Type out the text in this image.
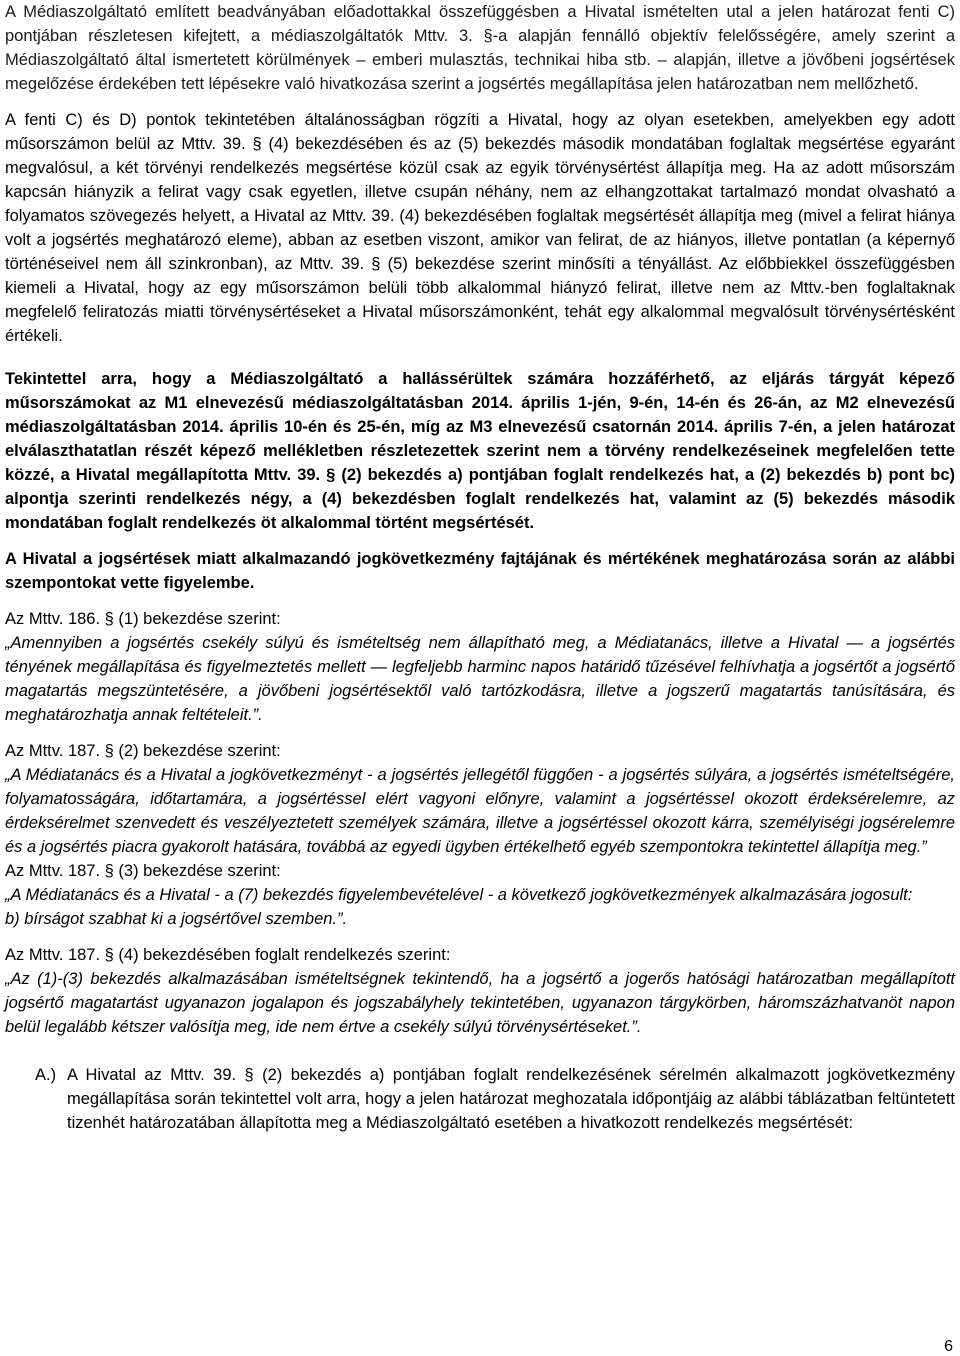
A Médiaszolgáltató említett beadványában előadottakkal összefüggésben a Hivatal ismételten utal a jelen határozat fenti C) pontjában részletesen kifejtett, a médiaszolgáltatók Mttv. 3. §-a alapján fennálló objektív felelősségére, amely szerint a Médiaszolgáltató által ismertetett körülmények – emberi mulasztás, technikai hiba stb. – alapján, illetve a jövőbeni jogsértések megelőzése érdekében tett lépésekre való hivatkozása szerint a jogsértés megállapítása jelen határozatban nem mellőzhető.

A fenti C) és D) pontok tekintetében általánosságban rögzíti a Hivatal, hogy az olyan esetekben, amelyekben egy adott műsorszámon belül az Mttv. 39. § (4) bekezdésében és az (5) bekezdés második mondatában foglaltak megsértése egyaránt megvalósul, a két törvényi rendelkezés megsértése közül csak az egyik törvénysértést állapítja meg. Ha az adott műsorszám kapcsán hiányzik a felirat vagy csak egyetlen, illetve csupán néhány, nem az elhangzottakat tartalmazó mondat olvasható a folyamatos szövegezés helyett, a Hivatal az Mttv. 39. (4) bekezdésében foglaltak megsértését állapítja meg (mivel a felirat hiánya volt a jogsértés meghatározó eleme), abban az esetben viszont, amikor van felirat, de az hiányos, illetve pontatlan (a képernyő történéseivel nem áll szinkronban), az Mttv. 39. § (5) bekezdése szerint minősíti a tényállást. Az előbbiekkel összefüggésben kiemeli a Hivatal, hogy az egy műsorszámon belüli több alkalommal hiányzó felirat, illetve nem az Mttv.-ben foglaltaknak megfelelő feliratozás miatti törvénysértéseket a Hivatal műsorszámonként, tehát egy alkalommal megvalósult törvénysértésként értékeli.

Tekintettel arra, hogy a Médiaszolgáltató a hallássérültek számára hozzáférhető, az eljárás tárgyát képező műsorszámokat az M1 elnevezésű médiaszolgáltatásban 2014. április 1-jén, 9-én, 14-én és 26-án, az M2 elnevezésű médiaszolgáltatásban 2014. április 10-én és 25-én, míg az M3 elnevezésű csatornán 2014. április 7-én, a jelen határozat elválaszthatatlan részét képező mellékletben részletezettek szerint nem a törvény rendelkezéseinek megfelelően tette közzé, a Hivatal megállapította Mttv. 39. § (2) bekezdés a) pontjában foglalt rendelkezés hat, a (2) bekezdés b) pont bc) alpontja szerinti rendelkezés négy, a (4) bekezdésben foglalt rendelkezés hat, valamint az (5) bekezdés második mondatában foglalt rendelkezés öt alkalommal történt megsértését.

A Hivatal a jogsértések miatt alkalmazandó jogkövetkezmény fajtájának és mértékének meghatározása során az alábbi szempontokat vette figyelembe.

Az Mttv. 186. § (1) bekezdése szerint:

„Amennyiben a jogsértés csekély súlyú és ismételtség nem állapítható meg, a Médiatanács, illetve a Hivatal — a jogsértés tényének megállapítása és figyelmeztetés mellett — legfeljebb harminc napos határidő tűzésével felhívhatja a jogsértőt a jogsértő magatartás megszüntetésére, a jövőbeni jogsértésektől való tartózkodásra, illetve a jogszerű magatartás tanúsítására, és meghatározhatja annak feltételeit.”.

Az Mttv. 187. § (2) bekezdése szerint:

„A Médiatanács és a Hivatal a jogkövetkezményt - a jogsértés jellegétől függően - a jogsértés súlyára, a jogsértés ismételtségére, folyamatosságára, időtartamára, a jogsértéssel elért vagyoni előnyre, valamint a jogsértéssel okozott érdeksérelemre, az érdeksérelmet szenvedett és veszélyeztetett személyek számára, illetve a jogsértéssel okozott kárra, személyiségi jogsérelemre és a jogsértés piacra gyakorolt hatására, továbbá az egyedi ügyben értékelhető egyéb szempontokra tekintettel állapítja meg.”

Az Mttv. 187. § (3) bekezdése szerint:

„A Médiatanács és a Hivatal - a (7) bekezdés figyelembevételével - a következő jogkövetkezmények alkalmazására jogosult:

b) bírságot szabhat ki a jogsértővel szemben.”.

Az Mttv. 187. § (4) bekezdésében foglalt rendelkezés szerint:

„Az (1)-(3) bekezdés alkalmazásában ismételtségnek tekintendő, ha a jogsértő a jogerős hatósági határozatban megállapított jogsértő magatartást ugyanazon jogalapon és jogszabályhely tekintetében, ugyanazon tárgykörben, háromszázhatvanöt napon belül legalább kétszer valósítja meg, ide nem értve a csekély súlyú törvénysértéseket.”.

A.) A Hivatal az Mttv. 39. § (2) bekezdés a) pontjában foglalt rendelkezésének sérelmén alkalmazott jogkövetkezmény megállapítása során tekintettel volt arra, hogy a jelen határozat meghozatala időpontjáig az alábbi táblázatban feltüntetett tizenhét határozatában állapította meg a Médiaszolgáltató esetében a hivatkozott rendelkezés megsértését:

6
